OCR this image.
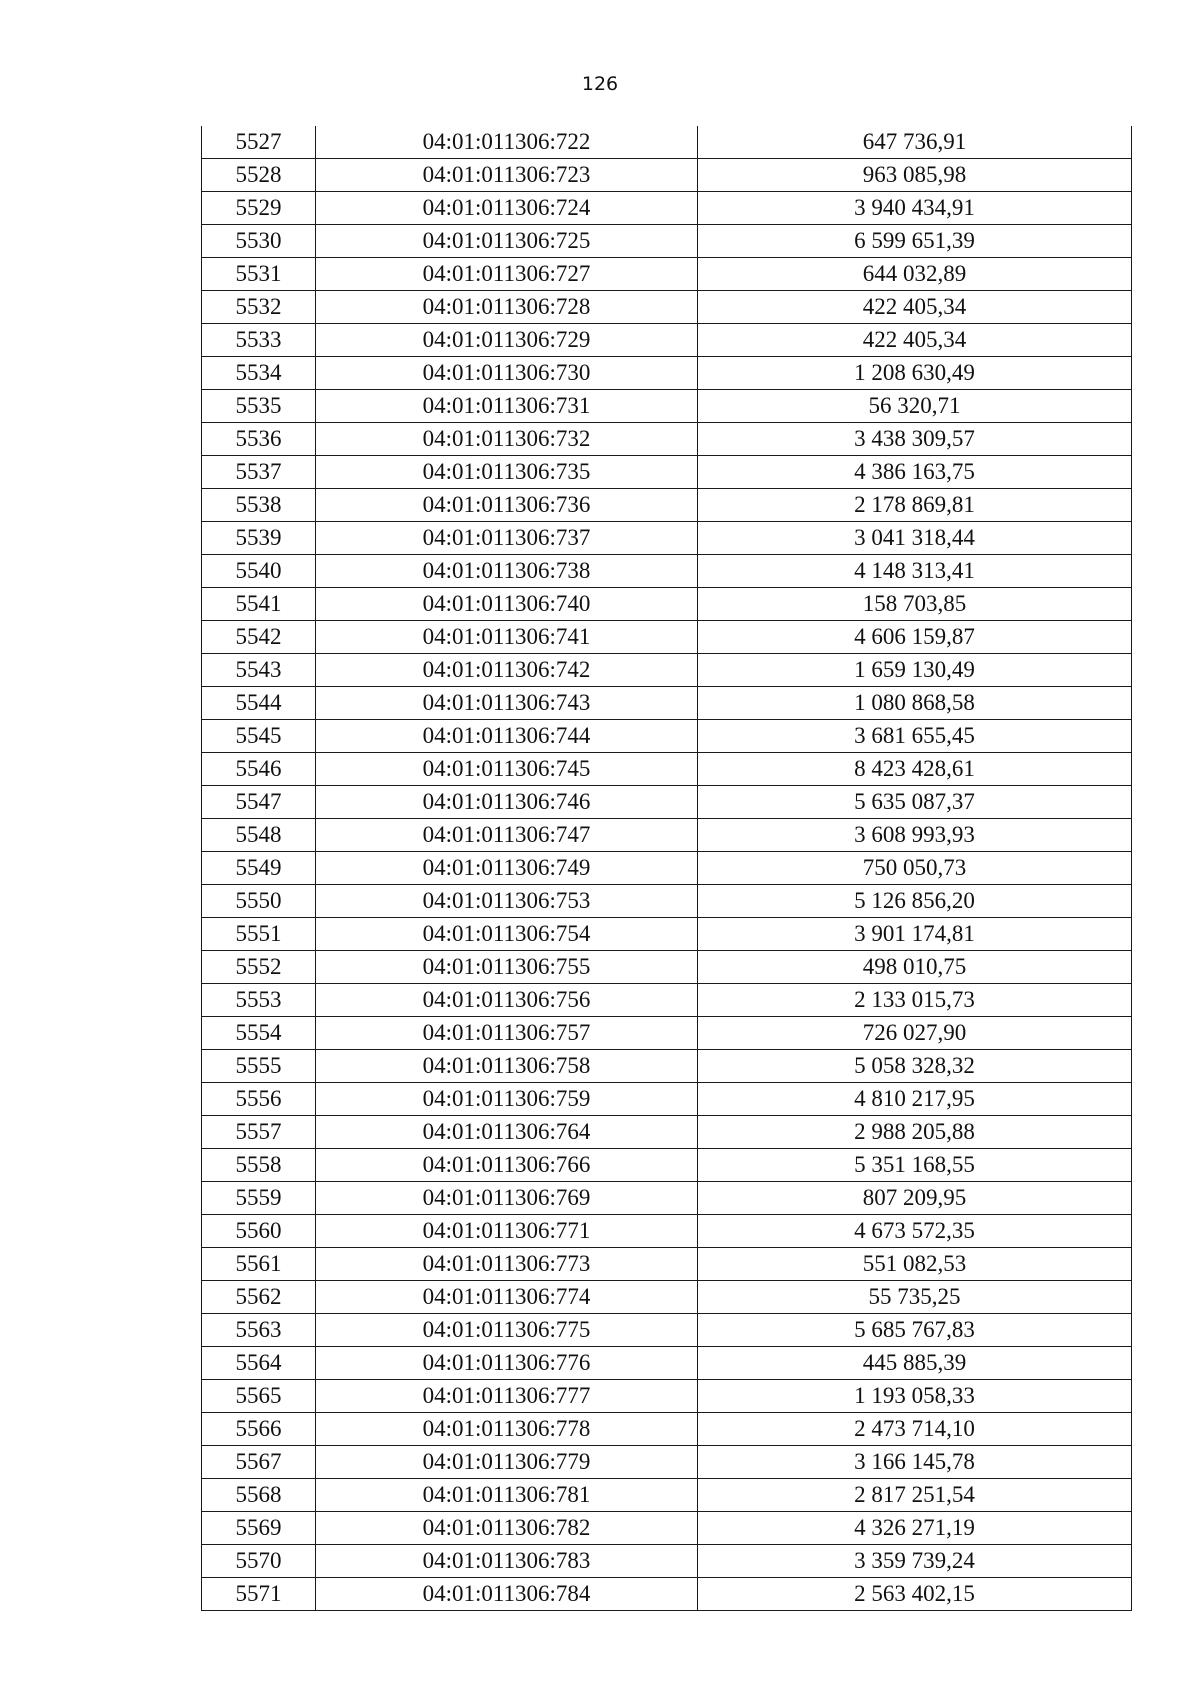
126
5527	04:01:011306:722	647 736,91
5528	04:01:011306:723	963 085,98
5529	04:01:011306:724	3 940 434,91
5530	04:01:011306:725	6 599 651,39
5531	04:01:011306:727	644 032,89
5532	04:01:011306:728	422 405,34
5533	04:01:011306:729	422 405,34
5534	04:01:011306:730	1 208 630,49
5535	04:01:011306:731	56 320,71
5536	04:01:011306:732	3 438 309,57
5537	04:01:011306:735	4 386 163,75
5538	04:01:011306:736	2 178 869,81
5539	04:01:011306:737	3 041 318,44
5540	04:01:011306:738	4 148 313,41
5541	04:01:011306:740	158 703,85
5542	04:01:011306:741	4 606 159,87
5543	04:01:011306:742	1 659 130,49
5544	04:01:011306:743	1 080 868,58
5545	04:01:011306:744	3 681 655,45
5546	04:01:011306:745	8 423 428,61
5547	04:01:011306:746	5 635 087,37
5548	04:01:011306:747	3 608 993,93
5549	04:01:011306:749	750 050,73
5550	04:01:011306:753	5 126 856,20
5551	04:01:011306:754	3 901 174,81
5552	04:01:011306:755	498 010,75
5553	04:01:011306:756	2 133 015,73
5554	04:01:011306:757	726 027,90
5555	04:01:011306:758	5 058 328,32
5556	04:01:011306:759	4 810 217,95
5557	04:01:011306:764	2 988 205,88
5558	04:01:011306:766	5 351 168,55
5559	04:01:011306:769	807 209,95
5560	04:01:011306:771	4 673 572,35
5561	04:01:011306:773	551 082,53
5562	04:01:011306:774	55 735,25
5563	04:01:011306:775	5 685 767,83
5564	04:01:011306:776	445 885,39
5565	04:01:011306:777	1 193 058,33
5566	04:01:011306:778	2 473 714,10
5567	04:01:011306:779	3 166 145,78
5568	04:01:011306:781	2 817 251,54
5569	04:01:011306:782	4 326 271,19
5570	04:01:011306:783	3 359 739,24
5571	04:01:011306:784	2 563 402,15
